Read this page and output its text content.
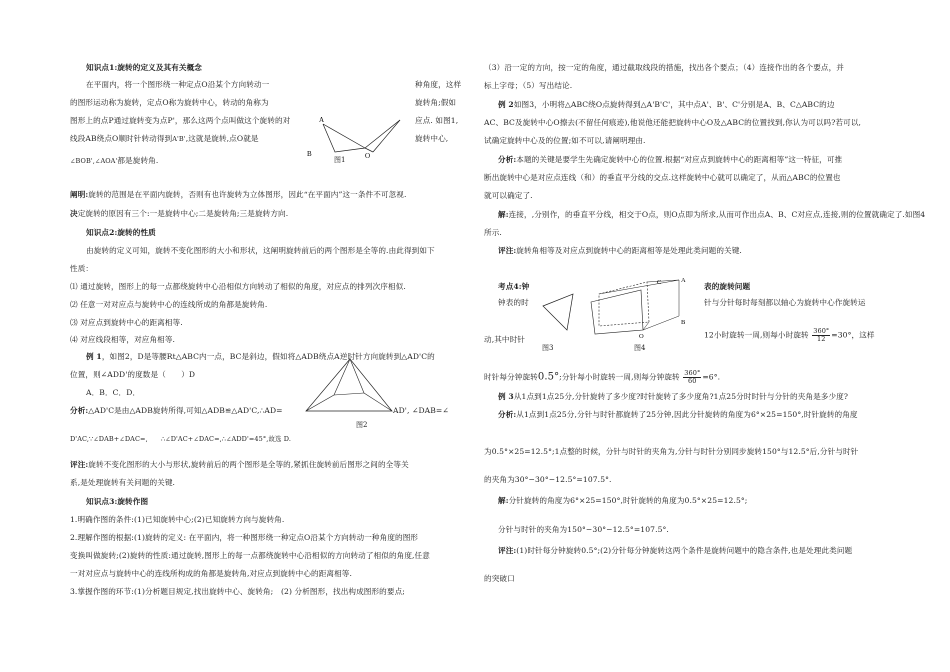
知识点1:旋转的定义及其有关概念
在平面内，将一个图形绕一种定点O沿某个方向转动一	种角度，这样
的图形运动称为旋转，定点O称为旋转中心，转动的角称为	旋转角;假如
图形上的点P通过旋转变为点P'，那么这两个点叫做这个旋转的对	应点. 如图1,
线段AB绕点O顺时针转动得到A'B',这就是旋转,点O就是	旋转中心,
∠BOB',∠AOA'都是旋转角.
A
B	O
图1
阐明:旋转的范围是在平面内旋转，否则有也许旋转为立体图形，因此“在平面内”这一条件不可忽视.
决定旋转的原因有三个:一是旋转中心;二是旋转角;三是旋转方向.
知识点2:旋转的性质
由旋转的定义可知，旋转不变化图形的大小和形状，这阐明旋转前后的两个图形是全等的.由此得到如下
性质：
⑴ 通过旋转，图形上的每一点都绕旋转中心沿相似方向转动了相似的角度，对应点的排列次序相似.
⑵ 任意一对对应点与旋转中心的连线所成的角都是旋转角.
⑶ 对应点到旋转中心的距离相等.
⑷ 对应线段相等，对应角相等.
例 1，如图2，D是等腰Rt△ABC内一点，BC是斜边，假如将△ADB绕点A逆时针方向旋转到△AD'C的
位置，则∠ADD'的度数是（　　）D
A．B．C．D．
图2
分析:△AD'C是由△ADB旋转所得,可知△ADB≌△AD'C,∴AD=	AD', ∠DAB=∠
D'AC,∵∠DAB+∠DAC=,　　∴∠D'AC+∠DAC=,∴∠ADD'=45°,故选 D.
评注:旋转不变化图形的大小与形状,旋转前后的两个图形是全等的,紧抓住旋转前后图形之间的全等关
系,是处理旋转有关问题的关键.
知识点3:旋转作图
1.明确作图的条件:(1)已知旋转中心;(2)已知旋转方向与旋转角.
2.理解作图的根据:(1)旋转的定义: 在平面内，将一种图形绕一种定点O沿某个方向转动一种角度的图形
变换叫做旋转;(2)旋转的性质:通过旋转,图形上的每一点都绕旋转中心沿相似的方向转动了相似的角度,任意
一对对应点与旋转中心的连线所构成的角都是旋转角,对应点到旋转中心的距离相等.
3.掌握作图的环节:(1)分析题目规定,找出旋转中心、旋转角;　(2) 分析图形，找出构成图形的要点;
（3）沿一定的方向，按一定的角度，通过截取线段的措施，找出各个要点；（4）连接作出的各个要点，并
标上字母；（5）写出结论.
例 2如图3，小明将△ABC绕O点旋转得到△A'B'C'，其中点A'、B'、C'分别是A、B、C△ABC的边
AC、BC及旋转中心O擦去(不留任何痕迹),他说他还能把旋转中心O及△ABC的位置找到,你认为可以吗?若可以,
试确定旋转中心及的位置;如不可以,请阐明理由.
分析:本题的关键是要学生先确定旋转中心的位置.根据“对应点到旋转中心的距离相等”这一特征，可推
断出旋转中心是对应点连线（和）的垂直平分线的交点.这样旋转中心就可以确定了，从而△ABC的位置也
就可以确定了.
解:连接，,分别作，的垂直平分线，相交于O点，则O点即为所求,从而可作出点A、B、C对应点,连接,则的位置就确定了.如图4
所示.
评注:旋转角相等及对应点到旋转中心的距离相等是处理此类问题的关键.
考点4:钟	表的旋转问题
C	A
B
O
图3	图4
钟表的时	针与分针每时每刻都以轴心为旋转中心作旋转运
动,其中时针	12小时旋转一周,则每小时旋转 $\frac{360^\circ}{12}=30^\circ$，这样
时针每分钟旋转0.5°;分针每小时旋转一周,则每分钟旋转 $\frac{360^\circ}{60}=6^\circ$.
例 3从1点到1点25分,分针旋转了多少度?时针旋转了多少度角?1点25分时时针与分针的夹角是多少度?
分析:从1点到1点25分,分针与时针都旋转了25分钟,因此分针旋转的角度为6°×25=150°,时针旋转的角度
为0.5°×25=12.5°;1点整的时候，分针与时针的夹角为,分针与时针分别同步旋转150°与12.5°后,分针与时针
的夹角为30°−30°−12.5°=107.5°.
解:分针旋转的角度为6°×25=150°,时针旋转的角度为0.5°×25=12.5°;
分针与时针的夹角为150°−30°−12.5°=107.5°.
评注:(1)时针每分钟旋转0.5°;(2)分针每分钟旋转这两个条件是旋转问题中的隐含条件,也是处理此类问题
的突破口
